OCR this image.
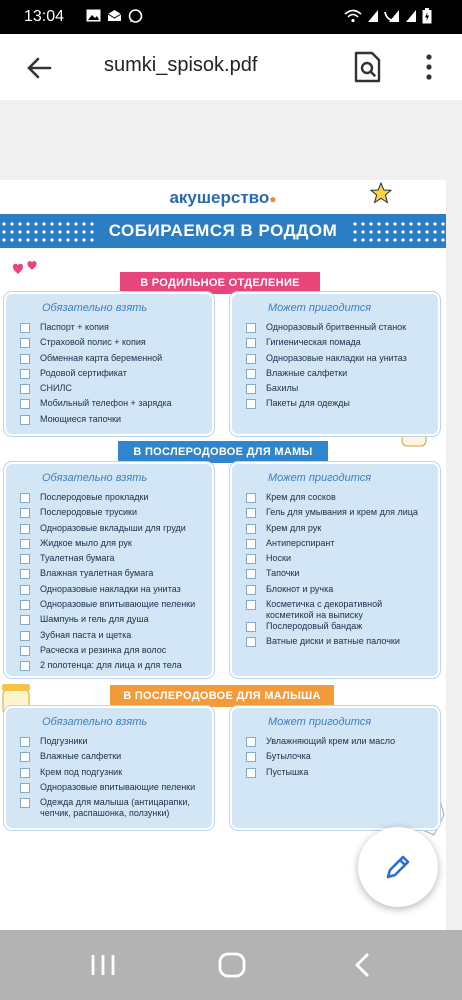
13:04
sumki_spisok.pdf
акушерство●
СОБИРАЕМСЯ В РОДДОМ
В РОДИЛЬНОЕ ОТДЕЛЕНИЕ
Обязательно взять
Паспорт + копия
Страховой полис + копия
Обменная карта беременной
Родовой сертификат
СНИЛС
Мобильный телефон + зарядка
Моющиеся тапочки
Может пригодится
Одноразовый бритвенный станок
Гигиеническая помада
Одноразовые накладки на унитаз
Влажные салфетки
Бахилы
Пакеты для одежды
В ПОСЛЕРОДОВОЕ ДЛЯ МАМЫ
Обязательно взять
Послеродовые прокладки
Послеродовые трусики
Одноразовые вкладыши для груди
Жидкое мыло для рук
Туалетная бумага
Влажная туалетная бумага
Одноразовые накладки на унитаз
Одноразовые впитывающие пеленки
Шампунь и гель для душа
Зубная паста и щетка
Расческа и резинка для волос
2 полотенца: для лица и для тела
Может пригодится
Крем для сосков
Гель для умывания и крем для лица
Крем для рук
Антиперспирант
Носки
Тапочки
Блокнот и ручка
Косметичка с декоративной косметикой на выписку
Послеродовый бандаж
Ватные диски и ватные палочки
В ПОСЛЕРОДОВОЕ ДЛЯ МАЛЫША
Обязательно взять
Подгузники
Влажные салфетки
Крем под подгузник
Одноразовые впитывающие пеленки
Одежда для малыша (антицарапки, чепчик, распашонка, ползунки)
Может пригодится
Увлажняющий крем или масло
Бутылочка
Пустышка
